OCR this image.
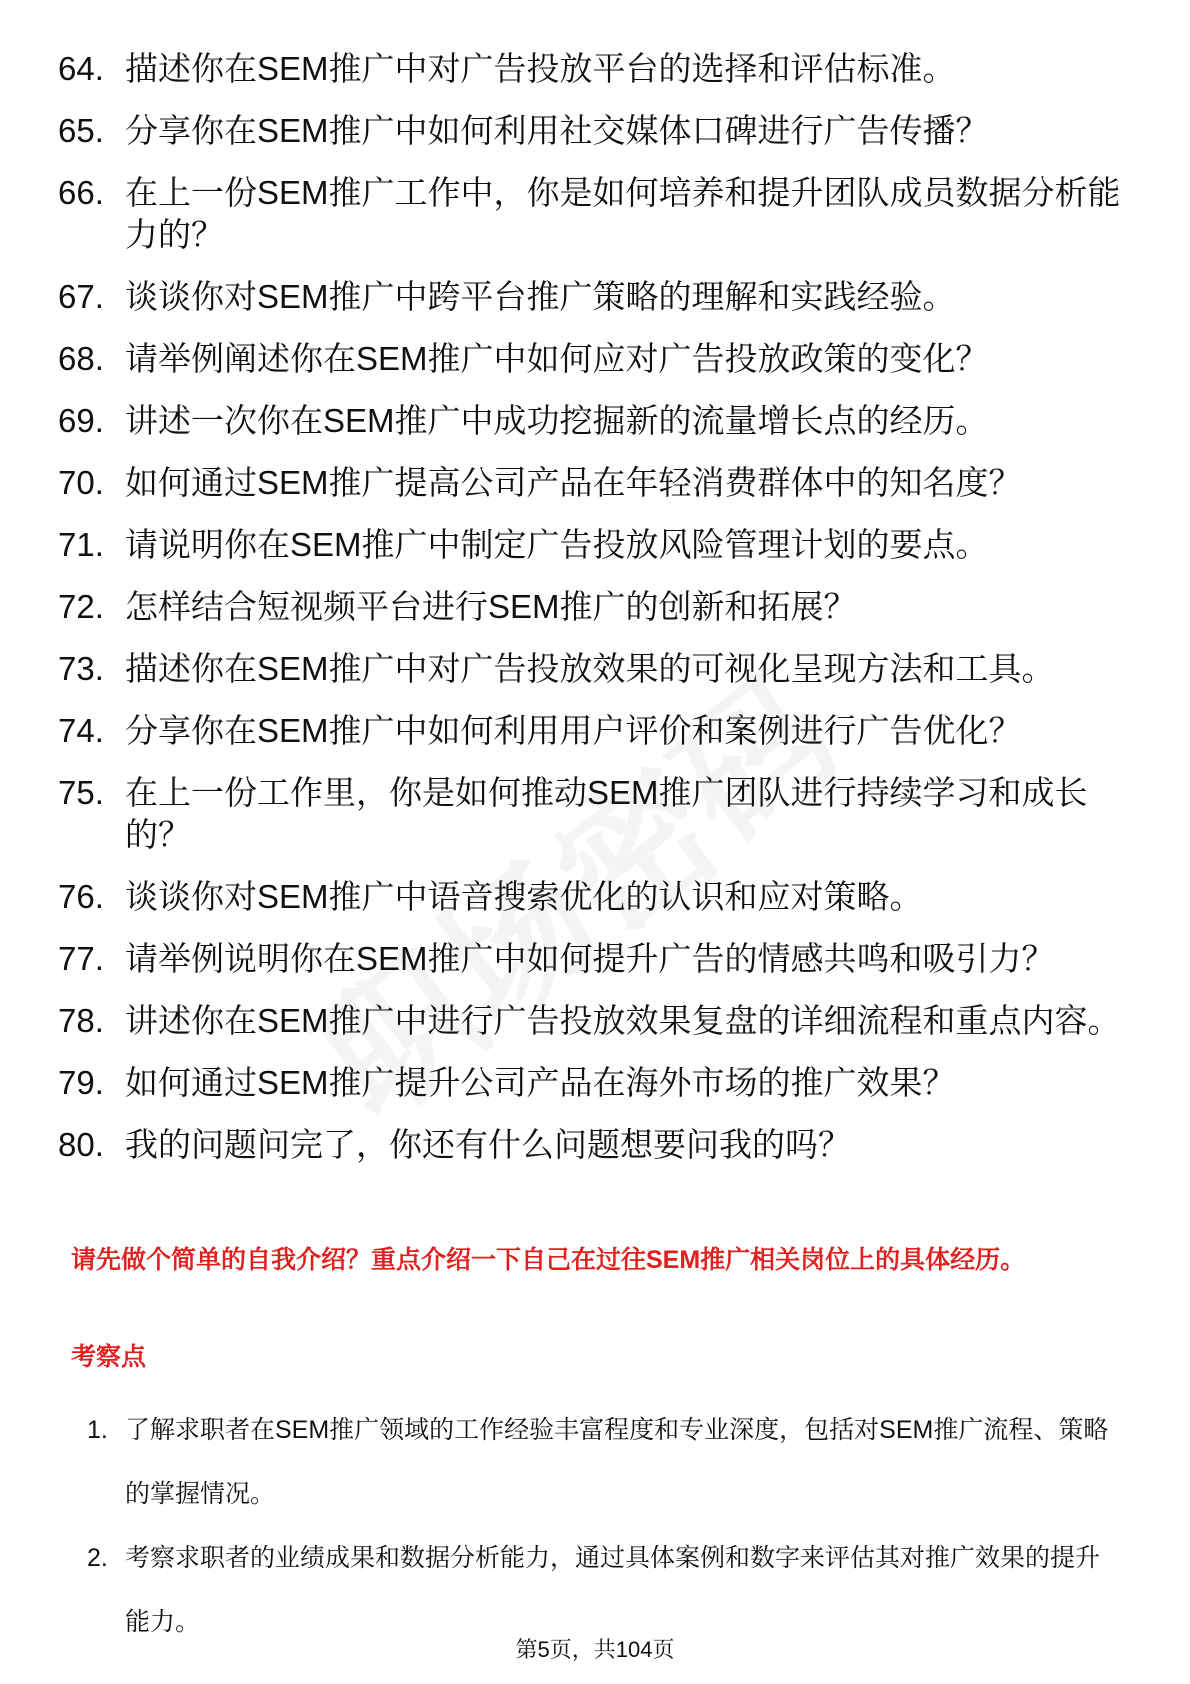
64. 描述你在SEM推广中对广告投放平台的选择和评估标准。
65. 分享你在SEM推广中如何利用社交媒体口碑进行广告传播？
66. 在上一份SEM推广工作中，你是如何培养和提升团队成员数据分析能力的？
67. 谈谈你对SEM推广中跨平台推广策略的理解和实践经验。
68. 请举例阐述你在SEM推广中如何应对广告投放政策的变化？
69. 讲述一次你在SEM推广中成功挖掘新的流量增长点的经历。
70. 如何通过SEM推广提高公司产品在年轻消费群体中的知名度？
71. 请说明你在SEM推广中制定广告投放风险管理计划的要点。
72. 怎样结合短视频平台进行SEM推广的创新和拓展？
73. 描述你在SEM推广中对广告投放效果的可视化呈现方法和工具。
74. 分享你在SEM推广中如何利用用户评价和案例进行广告优化？
75. 在上一份工作里，你是如何推动SEM推广团队进行持续学习和成长的？
76. 谈谈你对SEM推广中语音搜索优化的认识和应对策略。
77. 请举例说明你在SEM推广中如何提升广告的情感共鸣和吸引力？
78. 讲述你在SEM推广中进行广告投放效果复盘的详细流程和重点内容。
79. 如何通过SEM推广提升公司产品在海外市场的推广效果？
80. 我的问题问完了，你还有什么问题想要问我的吗？

请先做个简单的自我介绍？重点介绍一下自己在过往SEM推广相关岗位上的具体经历。

考察点
1. 了解求职者在SEM推广领域的工作经验丰富程度和专业深度，包括对SEM推广流程、策略的掌握情况。
2. 考察求职者的业绩成果和数据分析能力，通过具体案例和数字来评估其对推广效果的提升能力。
第5页，共104页
